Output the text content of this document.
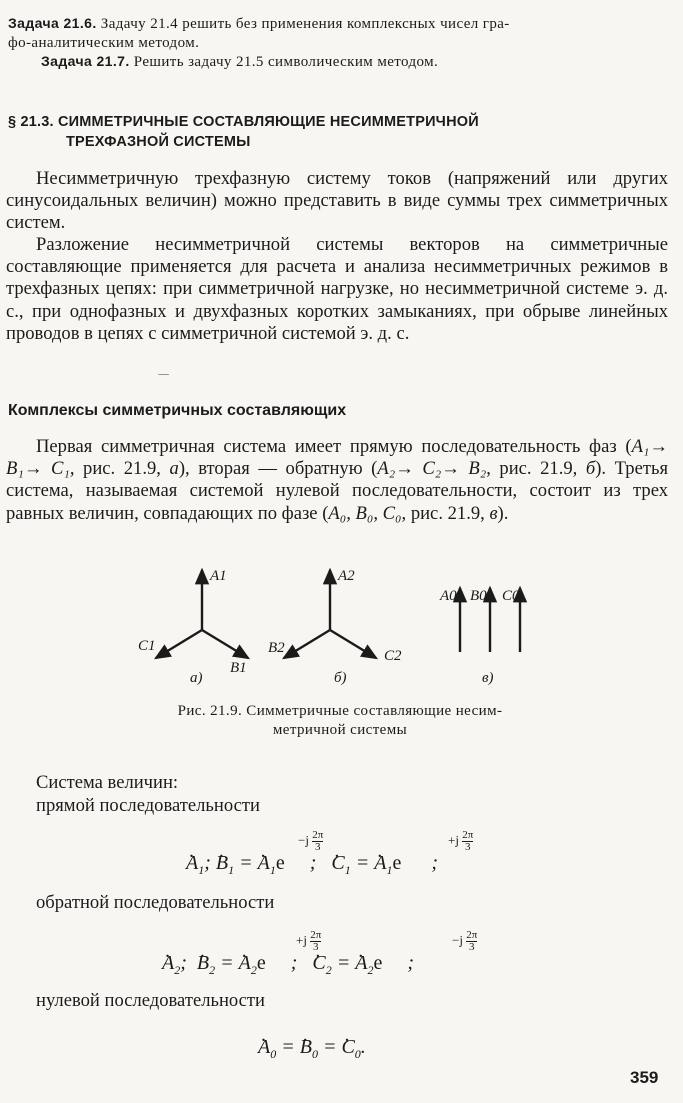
Задача 21.6. Задачу 21.4 решить без применения комплексных чисел гра-
фо-аналитическим методом.
Задача 21.7. Решить задачу 21.5 символическим методом.
§ 21.3. СИММЕТРИЧНЫЕ СОСТАВЛЯЮЩИЕ НЕСИММЕТРИЧНОЙ
ТРЕХФАЗНОЙ СИСТЕМЫ

Несимметричную трехфазную систему токов (напряжений или других синусоидальных величин) можно представить в виде суммы трех симметричных систем.

Разложение несимметричной системы векторов на симметричные составляющие применяется для расчета и анализа несимметричных режимов в трехфазных цепях: при симметричной нагрузке, но несимметричной системе э. д. с., при однофазных и двухфазных коротких замыканиях, при обрыве линейных проводов в цепях с симметричной системой э. д. с.

⏤
Комплексы симметричных составляющих

Первая симметричная система имеет прямую последовательность фаз (A₁→ B₁→ C₁, рис. 21.9, а), вторая — обратную (A₂→ C₂→ B₂, рис. 21.9, б). Третья система, называемая системой нулевой последовательности, состоит из трех равных величин, совпадающих по фазе (A₀, B₀, C₀, рис. 21.9, в).

A1
B1
C1
а)
A2
B2	C2
б)
A0 B0 C0
в)
Рис. 21.9. Симметричные составляющие несим-
метричной системы
Система величин:
прямой последовательности
. $A_1$; . $B_1$ = . $A_1e$     ;   . $C_1$ = . $A_1e$      ;
$-j \frac{2\pi}{3}$	$+j \frac{2\pi}{3}$
обратной последовательности
. $A_2$;  . $B_2$ = . $A_2e$     ;   . $C_2$ = . $A_2e$     ;
$+j \frac{2\pi}{3}$	$-j \frac{2\pi}{3}$
нулевой последовательности
. $A_0$ = . $B_0$ = . $C_0$.
359
